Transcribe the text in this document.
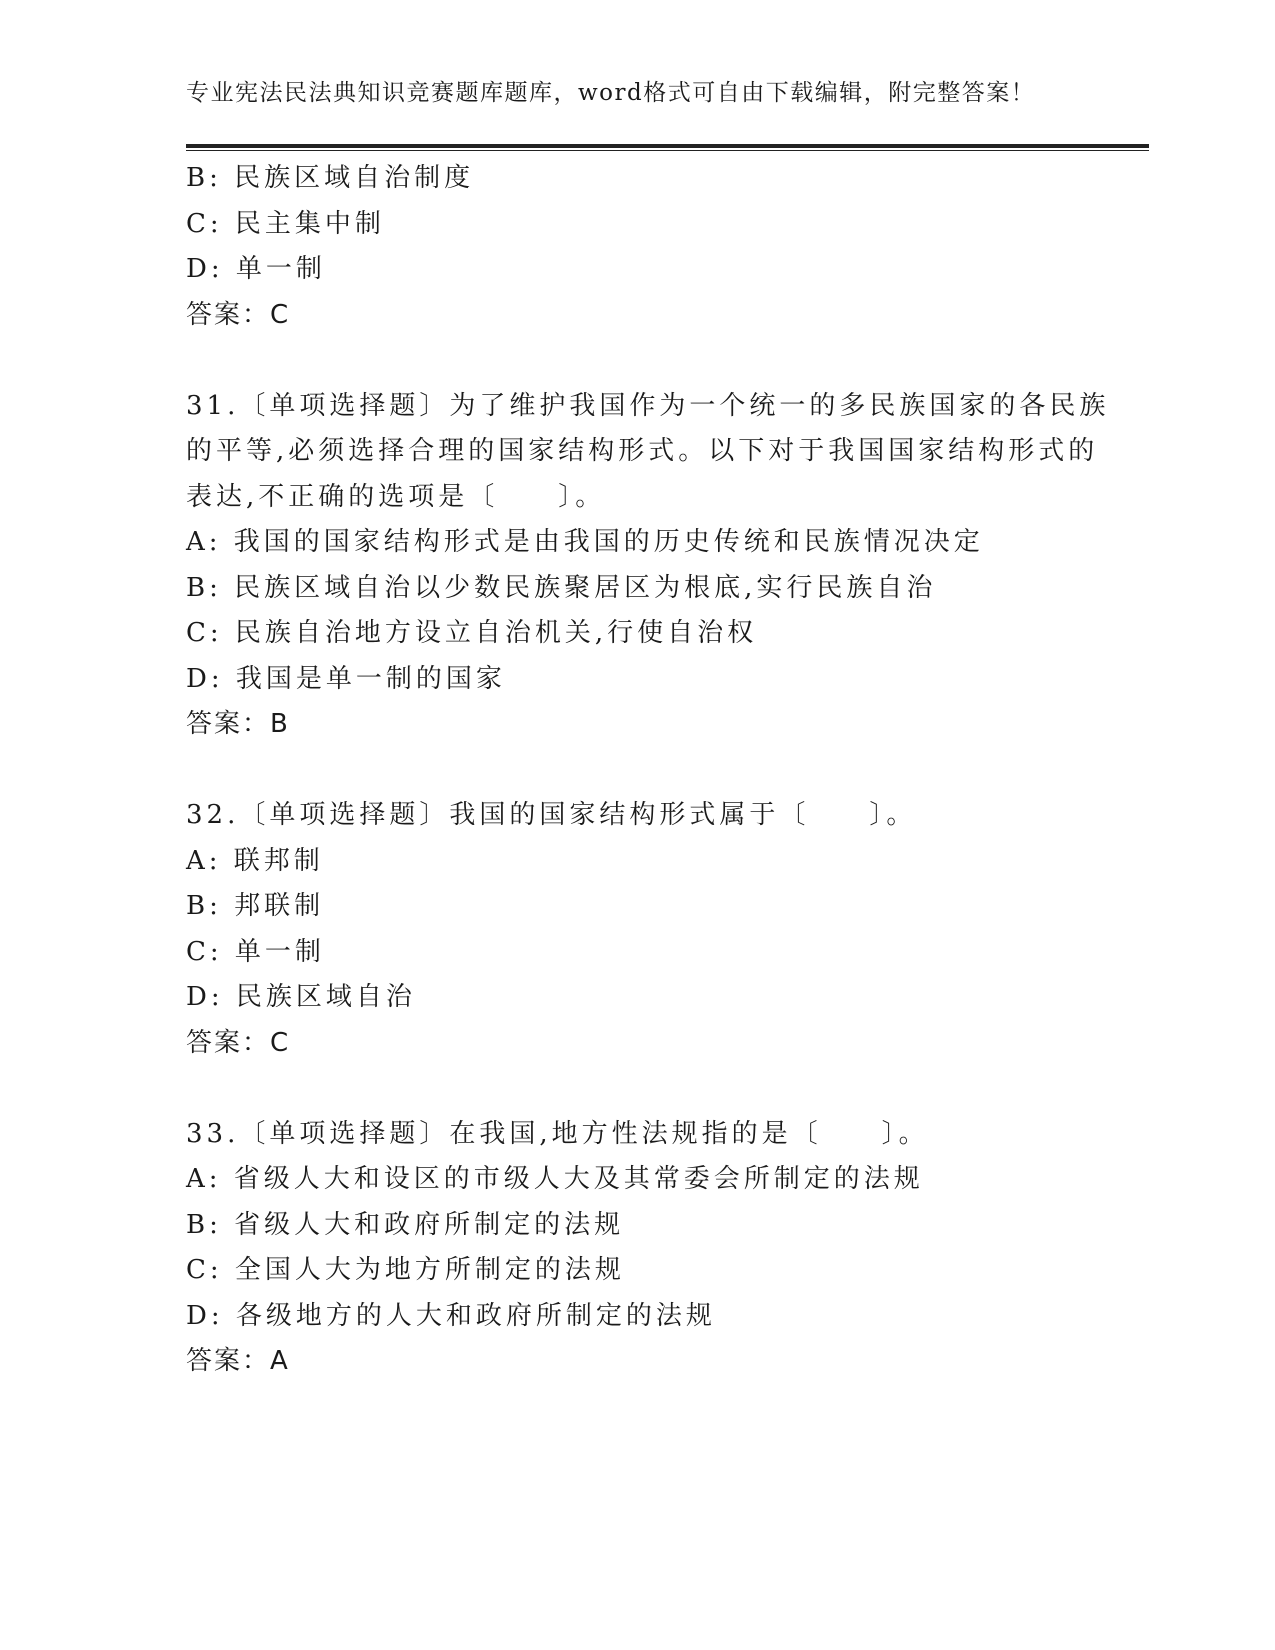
专业宪法民法典知识竞赛题库题库，word格式可自由下载编辑，附完整答案！
B: 民族区域自治制度
C: 民主集中制
D: 单一制
答案：C
31.〔单项选择题〕为了维护我国作为一个统一的多民族国家的各民族
的平等,必须选择合理的国家结构形式。以下对于我国国家结构形式的
表达,不正确的选项是〔　　〕。
A: 我国的国家结构形式是由我国的历史传统和民族情况决定
B: 民族区域自治以少数民族聚居区为根底,实行民族自治
C: 民族自治地方设立自治机关,行使自治权
D: 我国是单一制的国家
答案：B
32.〔单项选择题〕我国的国家结构形式属于〔　　〕。
A: 联邦制
B: 邦联制
C: 单一制
D: 民族区域自治
答案：C
33.〔单项选择题〕在我国,地方性法规指的是〔　　〕。
A: 省级人大和设区的市级人大及其常委会所制定的法规
B: 省级人大和政府所制定的法规
C: 全国人大为地方所制定的法规
D: 各级地方的人大和政府所制定的法规
答案：A
